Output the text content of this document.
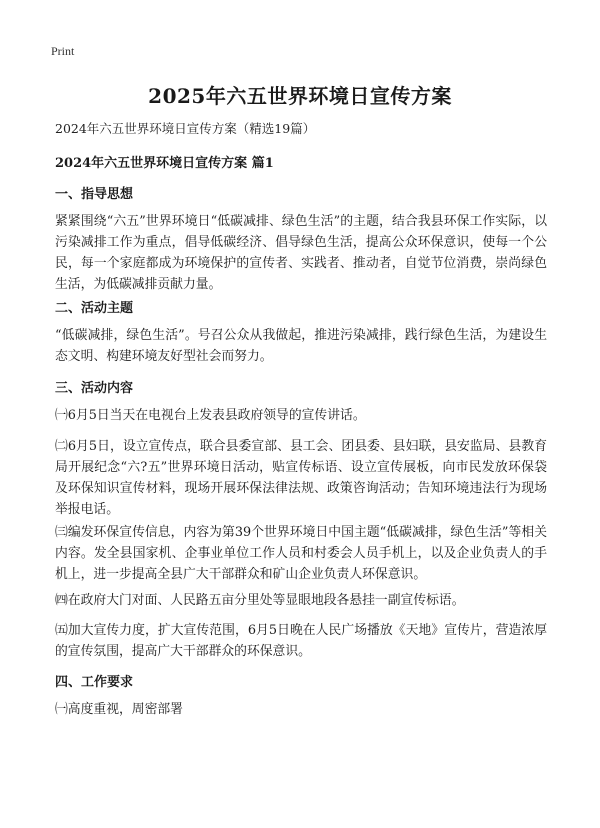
Print
2025年六五世界环境日宣传方案
2024年六五世界环境日宣传方案（精选19篇）
2024年六五世界环境日宣传方案 篇1
一、指导思想
紧紧围绕“六五”世界环境日“低碳减排、绿色生活”的主题，结合我县环保工作实际，以污染减排工作为重点，倡导低碳经济、倡导绿色生活，提高公众环保意识，使每一个公民，每一个家庭都成为环境保护的宣传者、实践者、推动者，自觉节位消费，崇尚绿色生活，为低碳减排贡献力量。
二、活动主题
“低碳减排，绿色生活”。号召公众从我做起，推进污染减排，践行绿色生活，为建设生态文明、构建环境友好型社会而努力。
三、活动内容
㈠6月5日当天在电视台上发表县政府领导的宣传讲话。
㈡6月5日，设立宣传点，联合县委宣部、县工会、团县委、县妇联，县安监局、县教育局开展纪念“六?五”世界环境日活动，贴宣传标语、设立宣传展板，向市民发放环保袋及环保知识宣传材料，现场开展环保法律法规、政策咨询活动；告知环境违法行为现场举报电话。
㈢编发环保宣传信息，内容为第39个世界环境日中国主题“低碳减排，绿色生活”等相关内容。发全县国家机、企事业单位工作人员和村委会人员手机上，以及企业负责人的手机上，进一步提高全县广大干部群众和矿山企业负责人环保意识。
㈣在政府大门对面、人民路五亩分里处等显眼地段各悬挂一副宣传标语。
㈤加大宣传力度，扩大宣传范围，6月5日晚在人民广场播放《天地》宣传片，营造浓厚的宣传氛围，提高广大干部群众的环保意识。
四、工作要求
㈠高度重视，周密部署
